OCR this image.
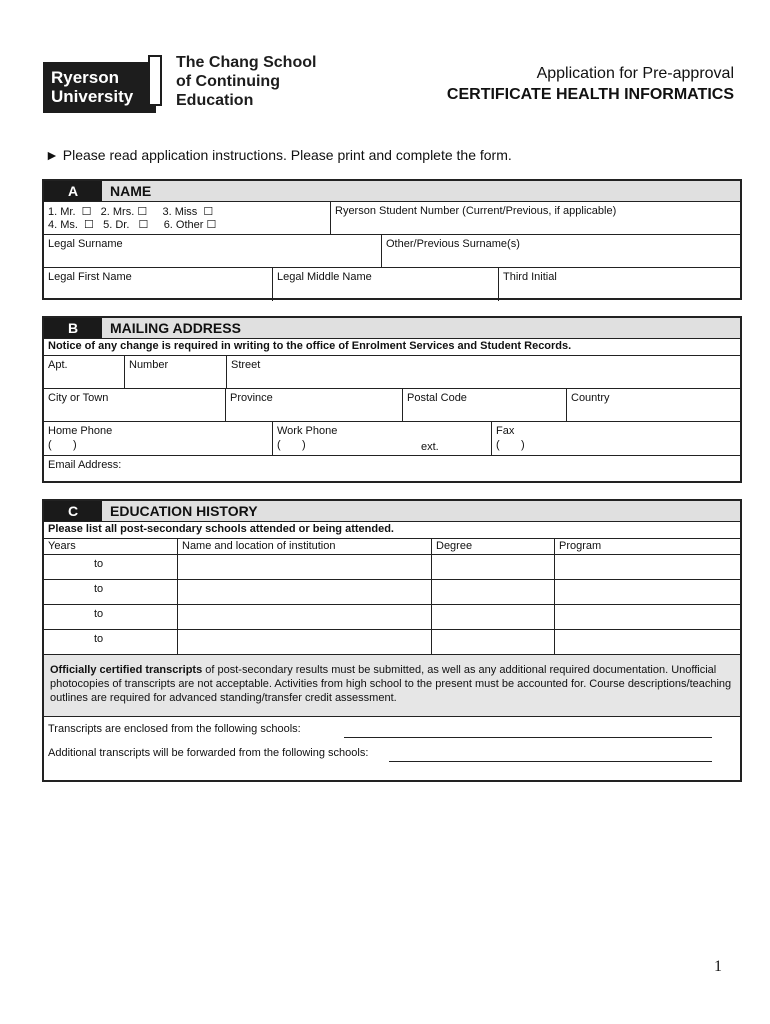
Ryerson
University
The Chang School
of Continuing
Education
Application for Pre-approval
CERTIFICATE HEALTH INFORMATICS
► Please read application instructions. Please print and complete the form.
A	NAME
1. Mr.  ☐   2. Mrs. ☐     3. Miss  ☐
4. Ms.  ☐   5. Dr.   ☐     6. Other ☐
Ryerson Student Number (Current/Previous, if applicable)
Legal Surname	Other/Previous Surname(s)
Legal First Name	Legal Middle Name	Third Initial
B	MAILING ADDRESS
Notice of any change is required in writing to the office of Enrolment Services and Student Records.
Apt.	Number	Street
City or Town	Province	Postal Code	Country
Home Phone
(       )
Work Phone
(       )	ext.
Fax
(       )
Email Address:
C	EDUCATION HISTORY
Please list all post-secondary schools attended or being attended.
Years	Name and location of institution	Degree	Program
to
to
to
to
Officially certified transcripts of post-secondary results must be submitted, as well as any additional required documentation. Unofficial photocopies of transcripts are not acceptable. Activities from high school to the present must be accounted for. Course descriptions/teaching outlines are required for advanced standing/transfer credit assessment.
Transcripts are enclosed from the following schools:
Additional transcripts will be forwarded from the following schools:
1
